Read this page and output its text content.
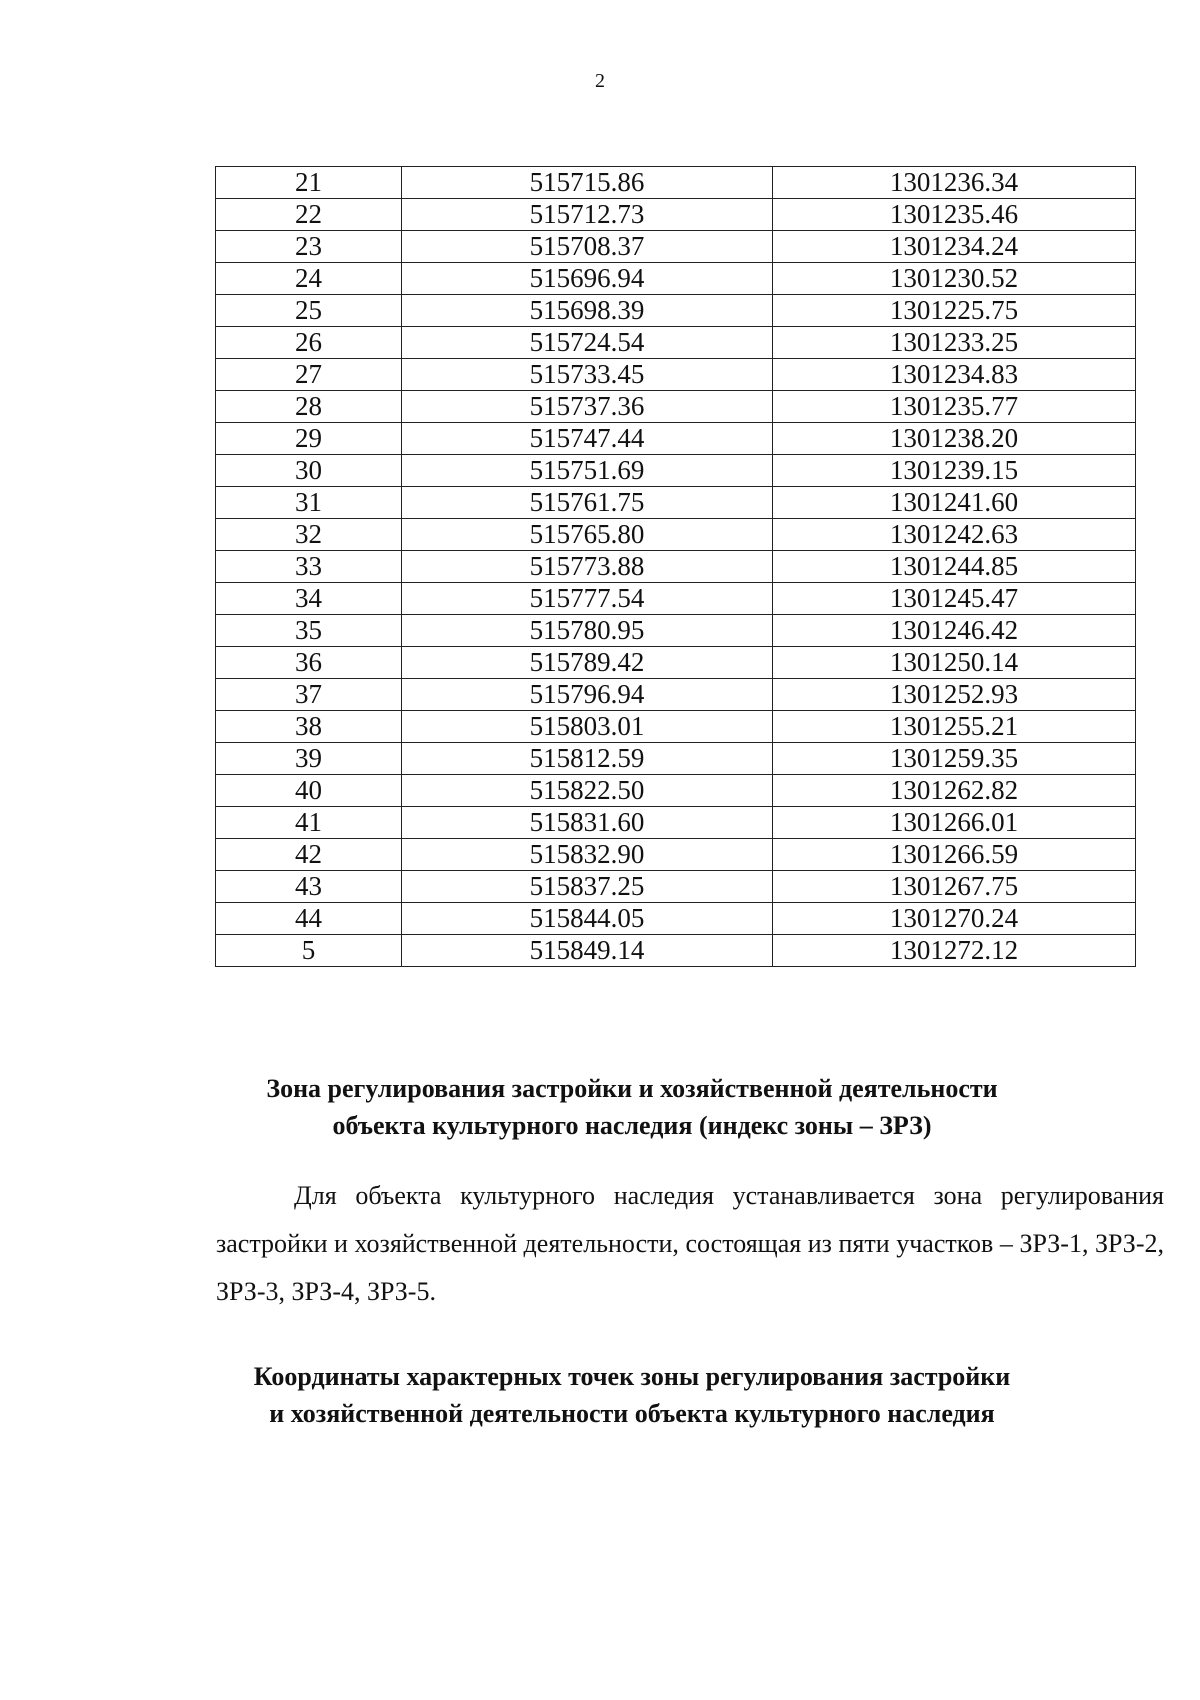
2
21	515715.86	1301236.34
22	515712.73	1301235.46
23	515708.37	1301234.24
24	515696.94	1301230.52
25	515698.39	1301225.75
26	515724.54	1301233.25
27	515733.45	1301234.83
28	515737.36	1301235.77
29	515747.44	1301238.20
30	515751.69	1301239.15
31	515761.75	1301241.60
32	515765.80	1301242.63
33	515773.88	1301244.85
34	515777.54	1301245.47
35	515780.95	1301246.42
36	515789.42	1301250.14
37	515796.94	1301252.93
38	515803.01	1301255.21
39	515812.59	1301259.35
40	515822.50	1301262.82
41	515831.60	1301266.01
42	515832.90	1301266.59
43	515837.25	1301267.75
44	515844.05	1301270.24
5	515849.14	1301272.12
Зона регулирования застройки и хозяйственной деятельности
объекта культурного наследия (индекс зоны – ЗРЗ)
Для объекта культурного наследия устанавливается зона регулирования застройки и хозяйственной деятельности, состоящая из пяти участков – ЗРЗ-1, ЗРЗ-2, ЗРЗ-3, ЗРЗ-4, ЗРЗ-5.
Координаты характерных точек зоны регулирования застройки
и хозяйственной деятельности объекта культурного наследия
